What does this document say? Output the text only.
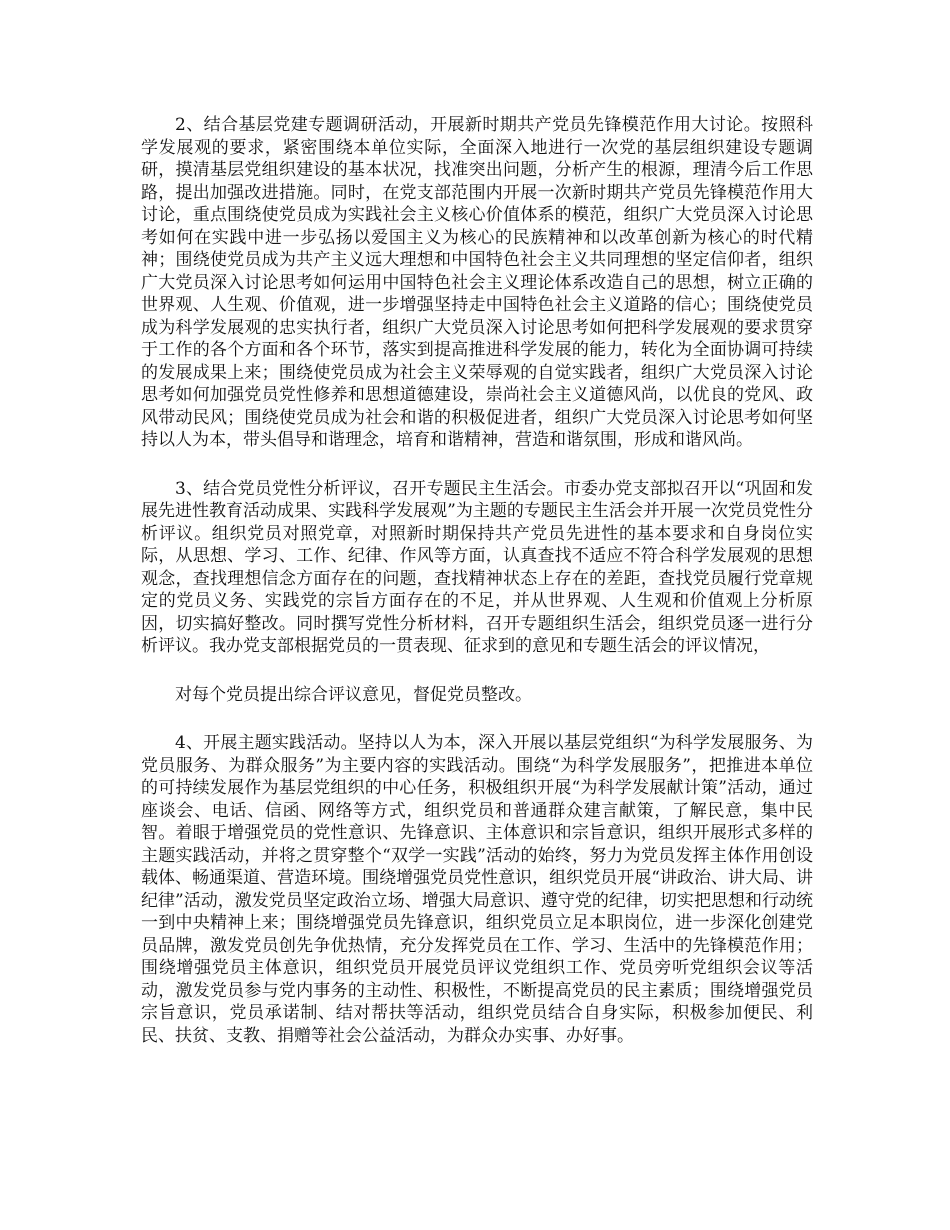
2、结合基层党建专题调研活动，开展新时期共产党员先锋模范作用大讨论。按照科学发展观的要求，紧密围绕本单位实际，全面深入地进行一次党的基层组织建设专题调研，摸清基层党组织建设的基本状况，找准突出问题，分析产生的根源，理清今后工作思路，提出加强改进措施。同时，在党支部范围内开展一次新时期共产党员先锋模范作用大讨论，重点围绕使党员成为实践社会主义核心价值体系的模范，组织广大党员深入讨论思考如何在实践中进一步弘扬以爱国主义为核心的民族精神和以改革创新为核心的时代精神；围绕使党员成为共产主义远大理想和中国特色社会主义共同理想的坚定信仰者，组织广大党员深入讨论思考如何运用中国特色社会主义理论体系改造自己的思想，树立正确的世界观、人生观、价值观，进一步增强坚持走中国特色社会主义道路的信心；围绕使党员成为科学发展观的忠实执行者，组织广大党员深入讨论思考如何把科学发展观的要求贯穿于工作的各个方面和各个环节，落实到提高推进科学发展的能力，转化为全面协调可持续的发展成果上来；围绕使党员成为社会主义荣辱观的自觉实践者，组织广大党员深入讨论思考如何加强党员党性修养和思想道德建设，崇尚社会主义道德风尚，以优良的党风、政风带动民风；围绕使党员成为社会和谐的积极促进者，组织广大党员深入讨论思考如何坚持以人为本，带头倡导和谐理念，培育和谐精神，营造和谐氛围，形成和谐风尚。

3、结合党员党性分析评议，召开专题民主生活会。市委办党支部拟召开以“巩固和发展先进性教育活动成果、实践科学发展观”为主题的专题民主生活会并开展一次党员党性分析评议。组织党员对照党章，对照新时期保持共产党员先进性的基本要求和自身岗位实际，从思想、学习、工作、纪律、作风等方面，认真查找不适应不符合科学发展观的思想观念，查找理想信念方面存在的问题，查找精神状态上存在的差距，查找党员履行党章规定的党员义务、实践党的宗旨方面存在的不足，并从世界观、人生观和价值观上分析原因，切实搞好整改。同时撰写党性分析材料，召开专题组织生活会，组织党员逐一进行分析评议。我办党支部根据党员的一贯表现、征求到的意见和专题生活会的评议情况，

对每个党员提出综合评议意见，督促党员整改。

4、开展主题实践活动。坚持以人为本，深入开展以基层党组织“为科学发展服务、为党员服务、为群众服务”为主要内容的实践活动。围绕“为科学发展服务”，把推进本单位的可持续发展作为基层党组织的中心任务，积极组织开展“为科学发展献计策”活动，通过座谈会、电话、信函、网络等方式，组织党员和普通群众建言献策，了解民意，集中民智。着眼于增强党员的党性意识、先锋意识、主体意识和宗旨意识，组织开展形式多样的主题实践活动，并将之贯穿整个“双学一实践”活动的始终，努力为党员发挥主体作用创设载体、畅通渠道、营造环境。围绕增强党员党性意识，组织党员开展“讲政治、讲大局、讲纪律”活动，激发党员坚定政治立场、增强大局意识、遵守党的纪律，切实把思想和行动统一到中央精神上来；围绕增强党员先锋意识，组织党员立足本职岗位，进一步深化创建党员品牌，激发党员创先争优热情，充分发挥党员在工作、学习、生活中的先锋模范作用；围绕增强党员主体意识，组织党员开展党员评议党组织工作、党员旁听党组织会议等活动，激发党员参与党内事务的主动性、积极性，不断提高党员的民主素质；围绕增强党员宗旨意识，党员承诺制、结对帮扶等活动，组织党员结合自身实际，积极参加便民、利民、扶贫、支教、捐赠等社会公益活动，为群众办实事、办好事。
